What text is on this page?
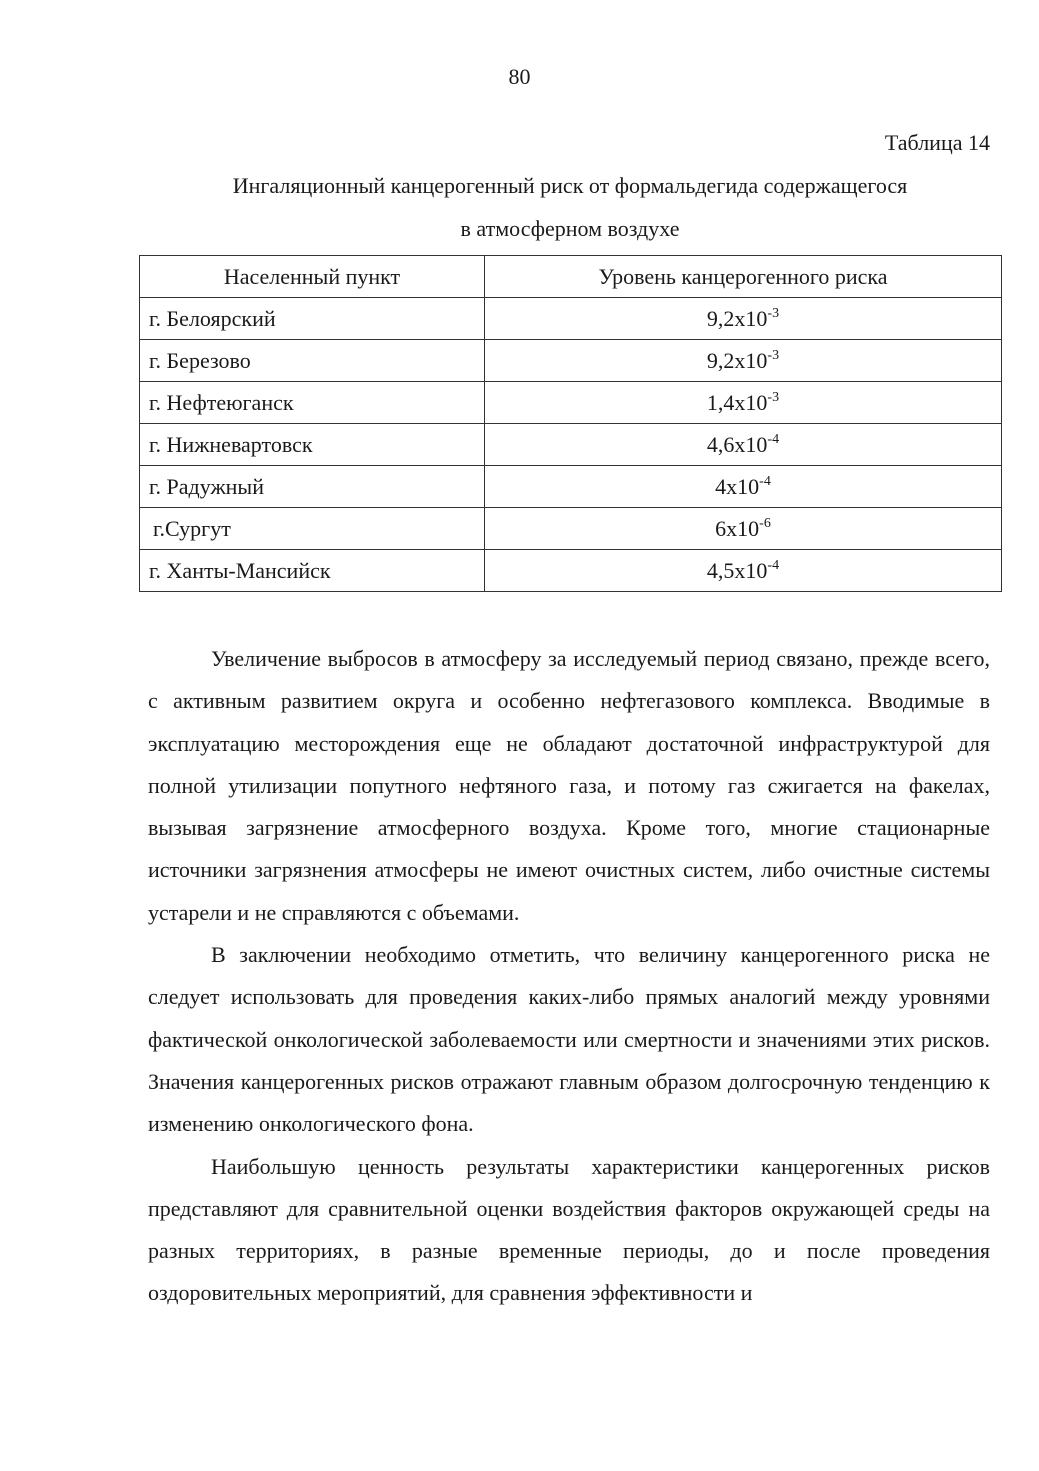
80
Таблица 14
Ингаляционный канцерогенный риск от формальдегида содержащегося
в атмосферном воздухе
Населенный пункт	Уровень канцерогенного риска
г. Белоярский	$9,2х10^{-3}$
г. Березово	$9,2х10^{-3}$
г. Нефтеюганск	$1,4х10^{-3}$
г. Нижневартовск	$4,6х10^{-4}$
г. Радужный	$4х10^{-4}$
г.Сургут	$6х10^{-6}$
г. Ханты-Мансийск	$4,5х10^{-4}$

Увеличение выбросов в атмосферу за исследуемый период связано, прежде всего, с активным развитием округа и особенно нефтегазового комплекса. Вводимые в эксплуатацию месторождения еще не обладают достаточной инфраструктурой для полной утилизации попутного нефтяного газа, и потому газ сжигается на факелах, вызывая загрязнение атмосферного воздуха. Кроме того, многие стационарные источники загрязнения атмосферы не имеют очистных систем, либо очистные системы устарели и не справляются с объемами.

В заключении необходимо отметить, что величину канцерогенного риска не следует использовать для проведения каких-либо прямых аналогий между уровнями фактической онкологической заболеваемости или смертности и значениями этих рисков. Значения канцерогенных рисков отражают главным образом долгосрочную тенденцию к изменению онкологического фона.

Наибольшую ценность результаты характеристики канцерогенных рисков представляют для сравнительной оценки воздействия факторов окружающей среды на разных территориях, в разные временные периоды, до и после проведения оздоровительных мероприятий, для сравнения эффективности и
